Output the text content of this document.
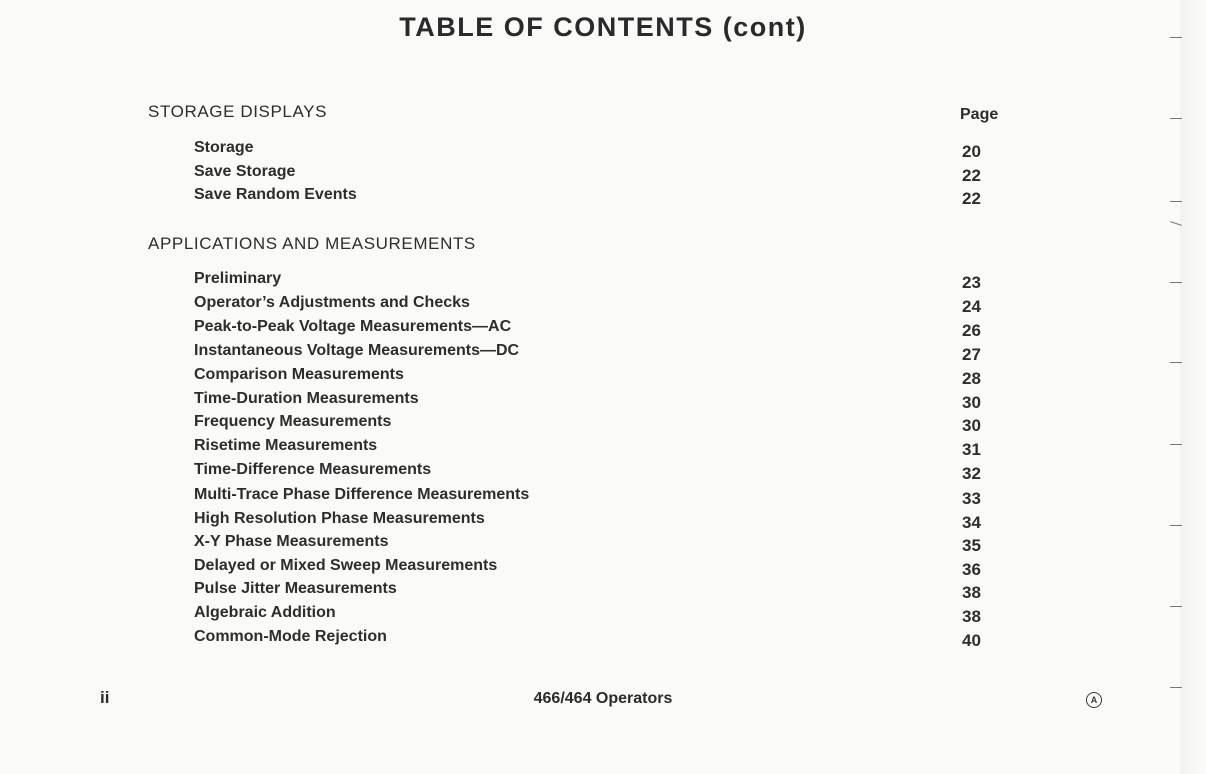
TABLE OF CONTENTS (cont)
STORAGE DISPLAYS	Page
Storage	20
Save Storage	22
Save Random Events	22
APPLICATIONS AND MEASUREMENTS
Preliminary	23
Operator’s Adjustments and Checks	24
Peak-to-Peak Voltage Measurements—AC	26
Instantaneous Voltage Measurements—DC	27
Comparison Measurements	28
Time-Duration Measurements	30
Frequency Measurements	30
Risetime Measurements	31
Time-Difference Measurements	32
Multi-Trace Phase Difference Measurements	33
High Resolution Phase Measurements	34
X-Y Phase Measurements	35
Delayed or Mixed Sweep Measurements	36
Pulse Jitter Measurements	38
Algebraic Addition	38
Common-Mode Rejection	40
ii	466/464 Operators	A
